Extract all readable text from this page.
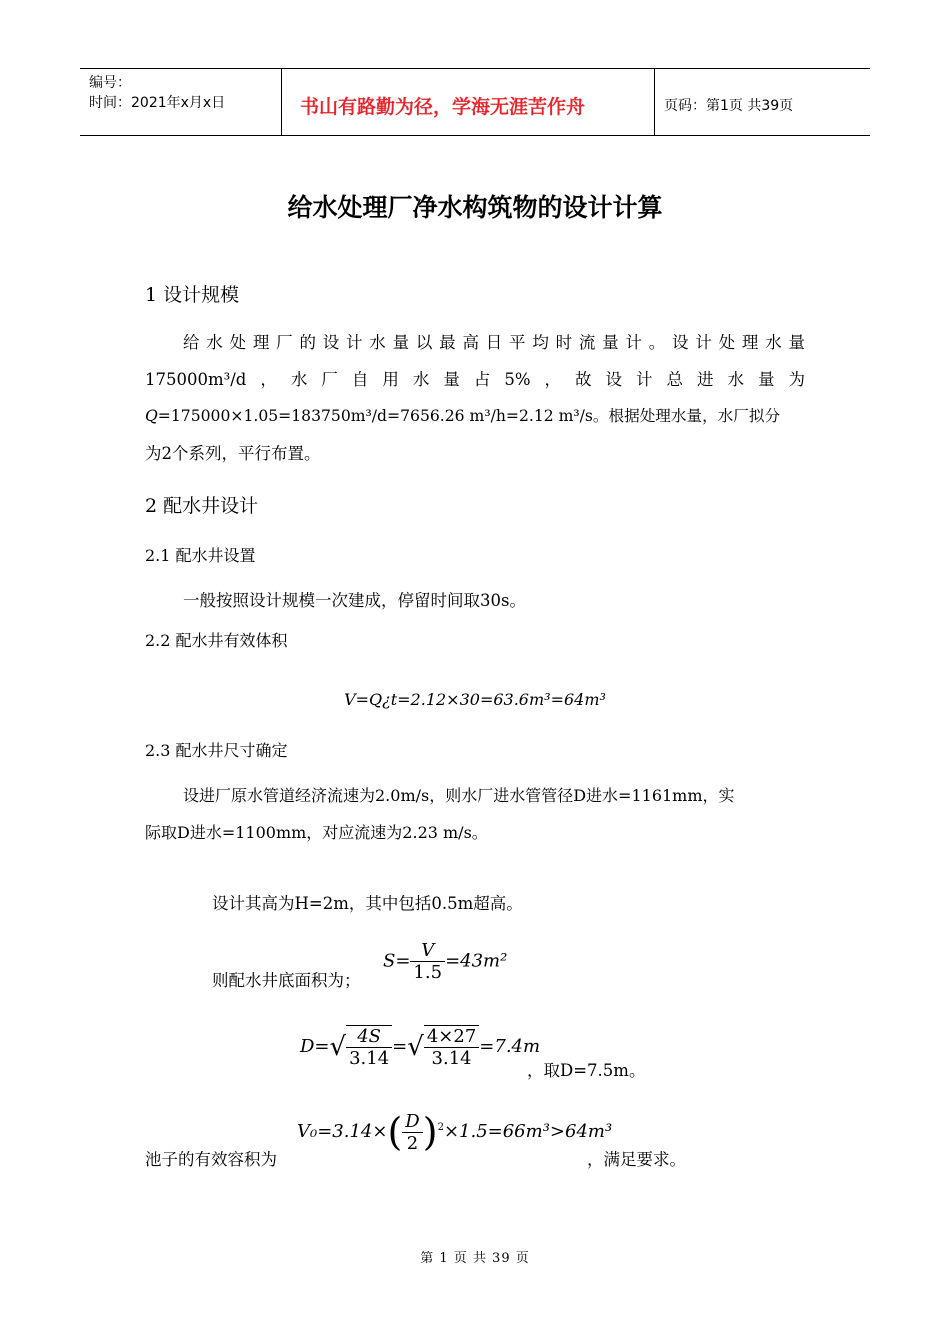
编号：
时间：2021年x月x日	书山有路勤为径，学海无涯苦作舟	页码：第1页 共39页
给水处理厂净水构筑物的设计计算
1 设计规模
给水处理厂的设计水量以最高日平均时流量计。设计处理水量
175000m³/d，水厂自用水量占5%，故设计总进水量为
Q=175000×1.05=183750m³/d=7656.26 m³/h=2.12 m³/s。根据处理水量，水厂拟分
为2个系列，平行布置。
2 配水井设计
2.1 配水井设置
一般按照设计规模一次建成，停留时间取30s。
2.2 配水井有效体积
V=Q¿t=2.12×30=63.6m³=64m³
2.3 配水井尺寸确定
设进厂原水管道经济流速为2.0m/s，则水厂进水管管径D进水=1161mm，实
际取D进水=1100mm，对应流速为2.23 m/s。
设计其高为H=2m，其中包括0.5m超高。
$S= \frac{V}{1.5} =43m^2$
则配水井底面积为；
$D=√ \frac{4S}{3.14}$ =√ $\frac{4\times 27}{3.14} =7.4m$
，取D=7.5m。
$V_0=3.14\times( \frac{D}{2} )^2\times 1.5=66m^3>64m^3$
池子的有效容积为	，满足要求。
第 1 页 共 39 页
